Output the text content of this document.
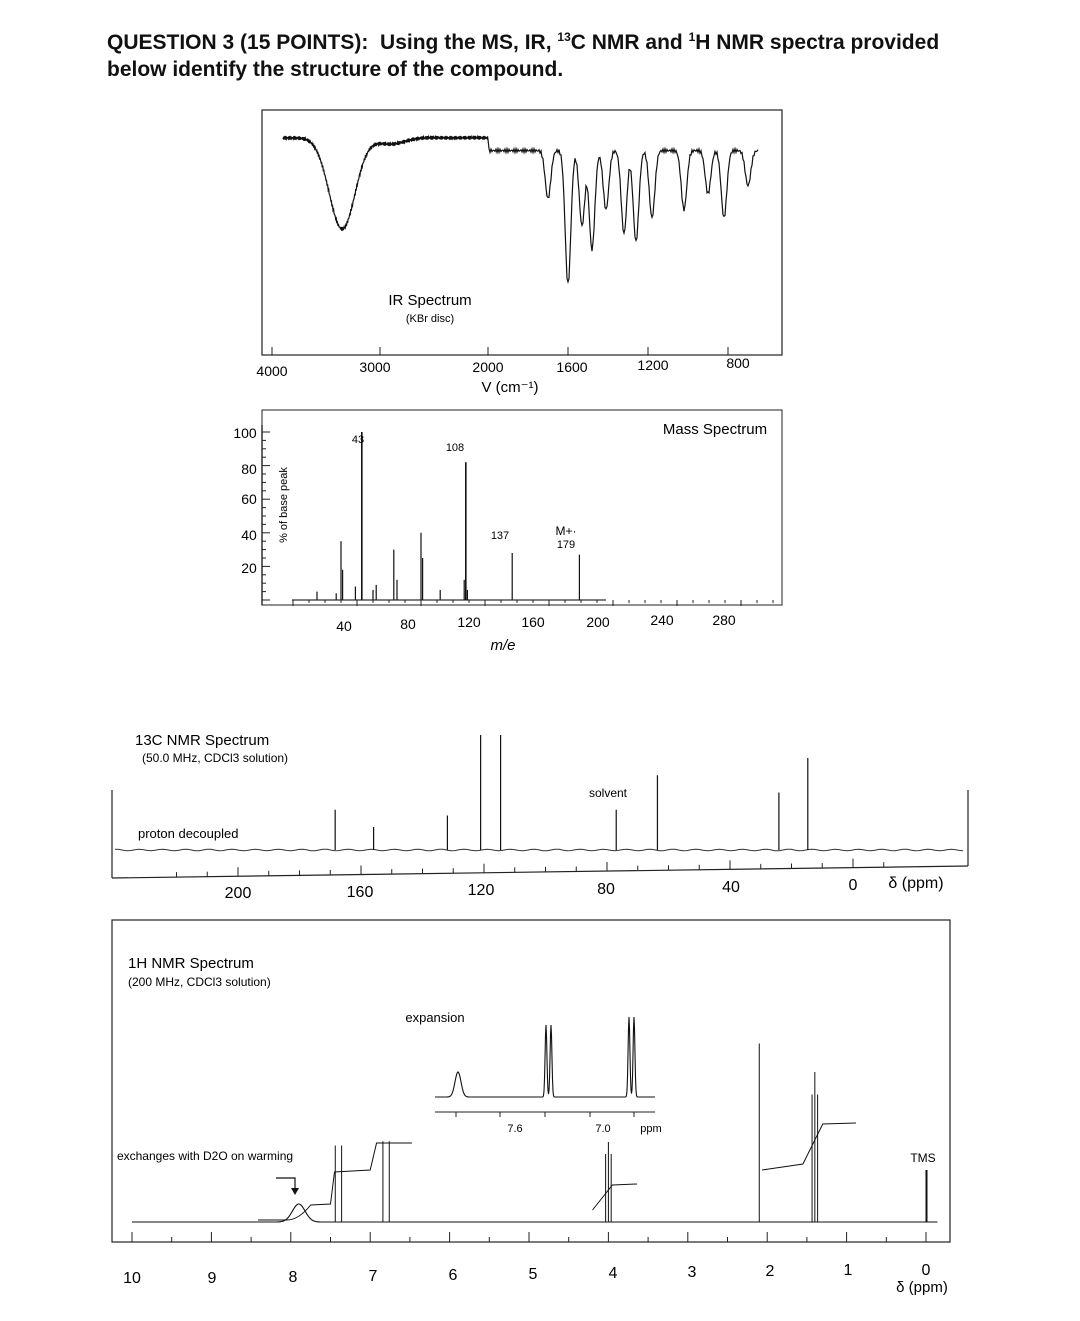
QUESTION 3 (15 POINTS): Using the MS, IR, $^{13}$C NMR and $^1$H NMR spectra provided below identify the structure of the compound.
IR Spectrum
(KBr disc)
4000	3000	2000	1600	1200	800
V (cm⁻¹)
100
80
60
40
20
% of base peak
Mass Spectrum
43
108
137	M+·
179
40	80	120	160	200	240	280
m/e
13C NMR Spectrum
(50.0 MHz, CDCl3 solution)
proton decoupled
solvent
200	160	120	80	40	0 δ (ppm)
1H NMR Spectrum
(200 MHz, CDCl3 solution)
expansion
7.6	7.0	ppm
exchanges with D2O on warming	TMS
10	9	8	7	6	5	4	3	2	1	0
δ (ppm)
